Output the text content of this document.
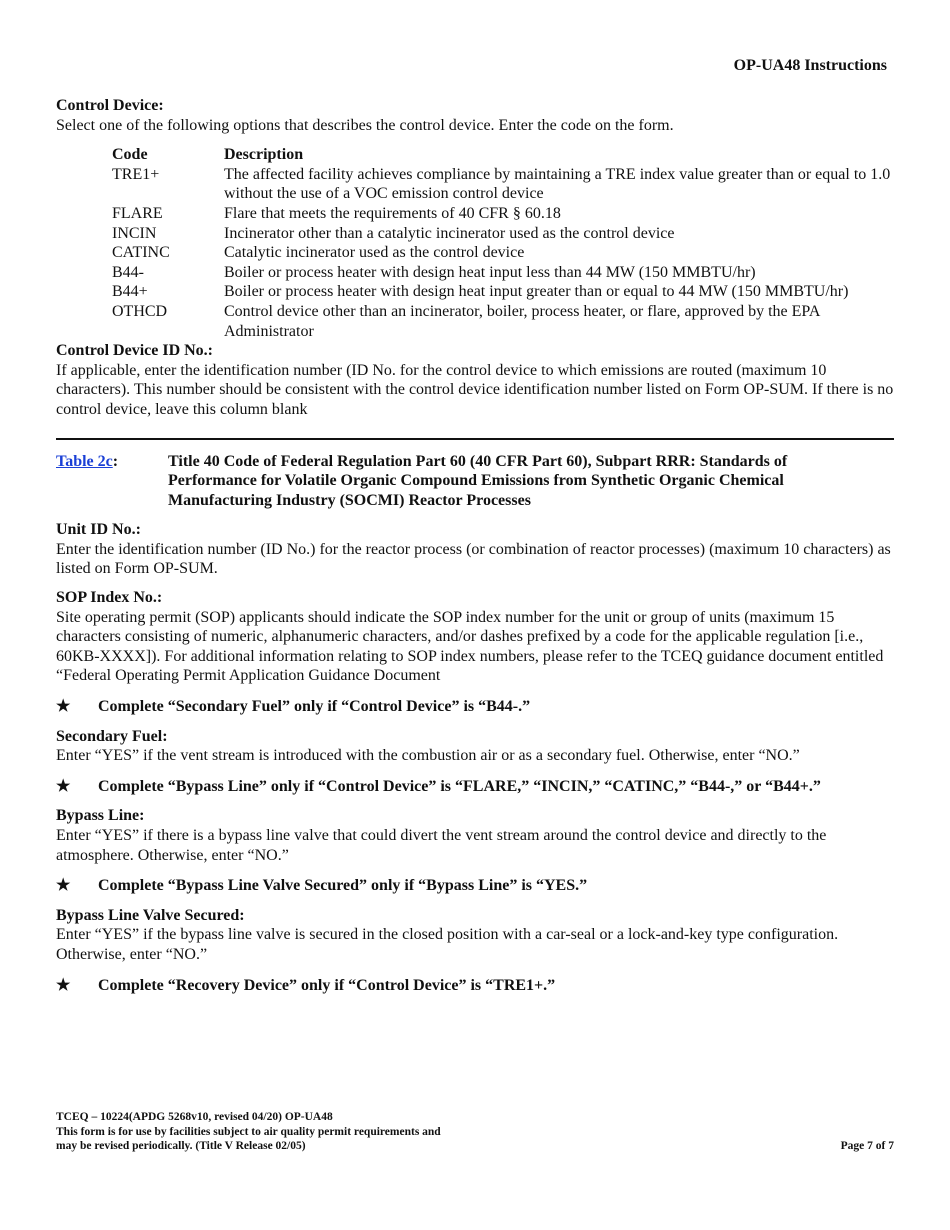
OP-UA48 Instructions

Control Device:

Select one of the following options that describes the control device. Enter the code on the form.

Code	Description
TRE1+	The affected facility achieves compliance by maintaining a TRE index value greater than or equal to 1.0 without the use of a VOC emission control device
FLARE	Flare that meets the requirements of 40 CFR § 60.18
INCIN	Incinerator other than a catalytic incinerator used as the control device
CATINC	Catalytic incinerator used as the control device
B44-	Boiler or process heater with design heat input less than 44 MW (150 MMBTU/hr)
B44+	Boiler or process heater with design heat input greater than or equal to 44 MW (150 MMBTU/hr)
OTHCD	Control device other than an incinerator, boiler, process heater, or flare, approved by the EPA Administrator

Control Device ID No.:

If applicable, enter the identification number (ID No. for the control device to which emissions are routed (maximum 10 characters). This number should be consistent with the control device identification number listed on Form OP-SUM. If there is no control device, leave this column blank

Table 2c:	Title 40 Code of Federal Regulation Part 60 (40 CFR Part 60), Subpart RRR: Standards of Performance for Volatile Organic Compound Emissions from Synthetic Organic Chemical Manufacturing Industry (SOCMI) Reactor Processes

Unit ID No.:

Enter the identification number (ID No.) for the reactor process (or combination of reactor processes) (maximum 10 characters) as listed on Form OP-SUM.

SOP Index No.:

Site operating permit (SOP) applicants should indicate the SOP index number for the unit or group of units (maximum 15 characters consisting of numeric, alphanumeric characters, and/or dashes prefixed by a code for the applicable regulation [i.e., 60KB-XXXX]). For additional information relating to SOP index numbers, please refer to the TCEQ guidance document entitled “Federal Operating Permit Application Guidance Document

★	Complete “Secondary Fuel” only if “Control Device” is “B44-.”

Secondary Fuel:

Enter “YES” if the vent stream is introduced with the combustion air or as a secondary fuel. Otherwise, enter “NO.”

★	Complete “Bypass Line” only if “Control Device” is “FLARE,” “INCIN,” “CATINC,” “B44-,” or “B44+.”

Bypass Line:

Enter “YES” if there is a bypass line valve that could divert the vent stream around the control device and directly to the atmosphere. Otherwise, enter “NO.”

★	Complete “Bypass Line Valve Secured” only if “Bypass Line” is “YES.”

Bypass Line Valve Secured:

Enter “YES” if the bypass line valve is secured in the closed position with a car-seal or a lock-and-key type configuration. Otherwise, enter “NO.”

★	Complete “Recovery Device” only if “Control Device” is “TRE1+.”
TCEQ – 10224(APDG 5268v10, revised 04/20) OP-UA48
This form is for use by facilities subject to air quality permit requirements and
may be revised periodically. (Title V Release 02/05)	Page 7 of 7
